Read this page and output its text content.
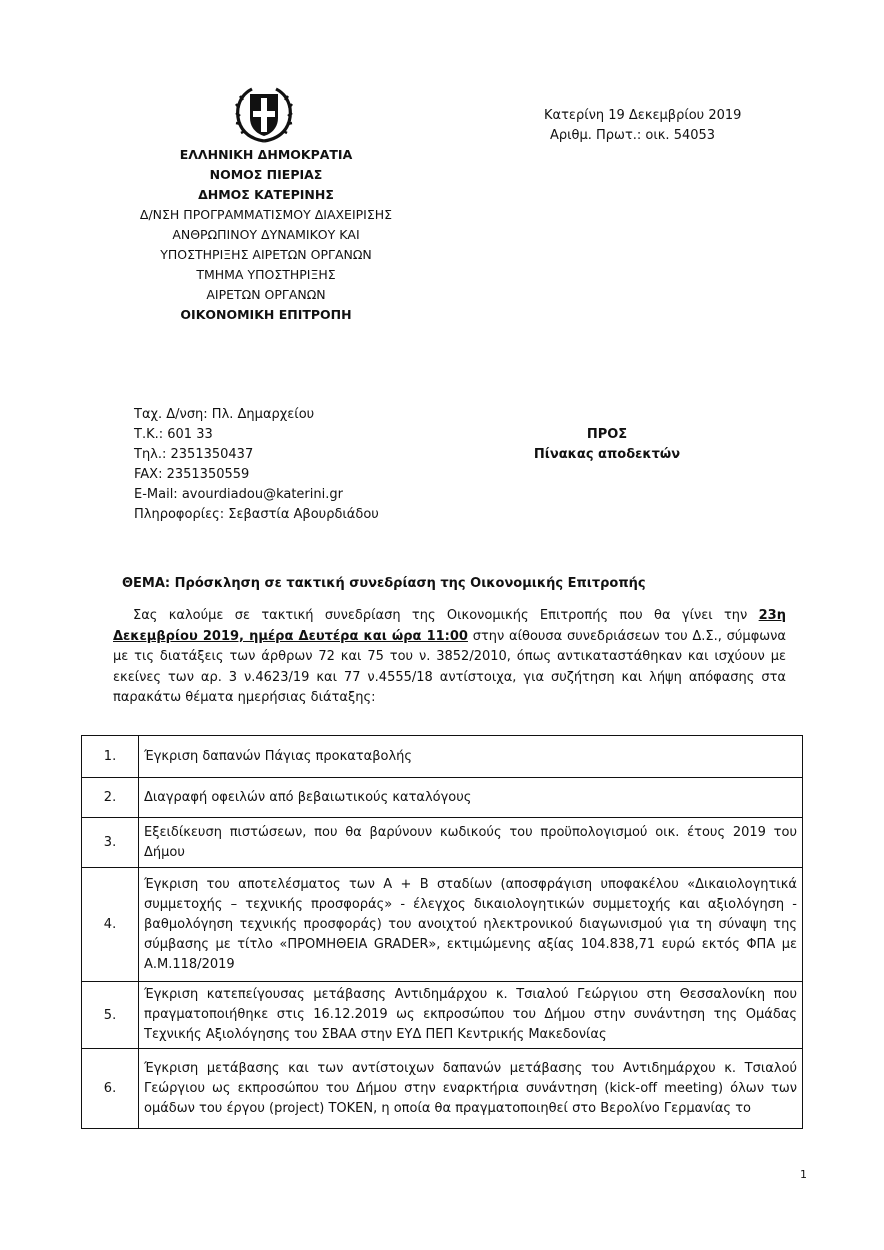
Κατερίνη 19 Δεκεμβρίου 2019
Αριθμ. Πρωτ.: οικ. 54053
ΕΛΛΗΝΙΚΗ ΔΗΜΟΚΡΑΤΙΑ
ΝΟΜΟΣ ΠΙΕΡΙΑΣ
ΔΗΜΟΣ ΚΑΤΕΡΙΝΗΣ
Δ/ΝΣΗ ΠΡΟΓΡΑΜΜΑΤΙΣΜΟΥ ΔΙΑΧΕΙΡΙΣΗΣ
ΑΝΘΡΩΠΙΝΟΥ ΔΥΝΑΜΙΚΟΥ ΚΑΙ
ΥΠΟΣΤΗΡΙΞΗΣ ΑΙΡΕΤΩΝ ΟΡΓΑΝΩΝ
ΤΜΗΜΑ ΥΠΟΣΤΗΡΙΞΗΣ
ΑΙΡΕΤΩΝ ΟΡΓΑΝΩΝ
ΟΙΚΟΝΟΜΙΚΗ ΕΠΙΤΡΟΠΗ
Ταχ. Δ/νση: Πλ. Δημαρχείου
Τ.Κ.: 601 33
Τηλ.: 2351350437
FAX: 2351350559
E-Mail: avourdiadou@katerini.gr
Πληροφορίες: Σεβαστία Αβουρδιάδου
ΠΡΟΣ
Πίνακας αποδεκτών
ΘΕΜΑ: Πρόσκληση σε τακτική συνεδρίαση της Οικονομικής Επιτροπής
Σας καλούμε σε τακτική συνεδρίαση της Οικονομικής Επιτροπής που θα γίνει την 23η Δεκεμβρίου 2019, ημέρα Δευτέρα και ώρα 11:00 στην αίθουσα συνεδριάσεων του Δ.Σ., σύμφωνα με τις διατάξεις των άρθρων 72 και 75 του ν. 3852/2010, όπως αντικαταστάθηκαν και ισχύουν με εκείνες των αρ. 3 ν.4623/19 και 77 ν.4555/18 αντίστοιχα, για συζήτηση και λήψη απόφασης στα παρακάτω θέματα ημερήσιας διάταξης:
1.	Έγκριση δαπανών Πάγιας προκαταβολής
2.	Διαγραφή οφειλών από βεβαιωτικούς καταλόγους
3.	Εξειδίκευση πιστώσεων, που θα βαρύνουν κωδικούς του προϋπολογισμού οικ. έτους 2019 του Δήμου
4.	Έγκριση του αποτελέσματος των Α + Β σταδίων (αποσφράγιση υποφακέλου «Δικαιολογητικά συμμετοχής – τεχνικής προσφοράς» - έλεγχος δικαιολογητικών συμμετοχής και αξιολόγηση - βαθμολόγηση τεχνικής προσφοράς) του ανοιχτού ηλεκτρονικού διαγωνισμού για τη σύναψη της σύμβασης με τίτλο «ΠΡΟΜΗΘΕΙΑ GRADER», εκτιμώμενης αξίας 104.838,71 ευρώ εκτός ΦΠΑ με Α.Μ.118/2019
5.	Έγκριση κατεπείγουσας μετάβασης Αντιδημάρχου κ. Τσιαλού Γεώργιου στη Θεσσαλονίκη που πραγματοποιήθηκε στις 16.12.2019 ως εκπροσώπου του Δήμου στην συνάντηση της Ομάδας Τεχνικής Αξιολόγησης του ΣΒΑΑ στην ΕΥΔ ΠΕΠ Κεντρικής Μακεδονίας
6.	Έγκριση μετάβασης και των αντίστοιχων δαπανών μετάβασης του Αντιδημάρχου κ. Τσιαλού Γεώργιου ως εκπροσώπου του Δήμου στην εναρκτήρια συνάντηση (kick-off meeting) όλων των ομάδων του έργου (project) TOKEN, η οποία θα πραγματοποιηθεί στο Βερολίνο Γερμανίας το
1
